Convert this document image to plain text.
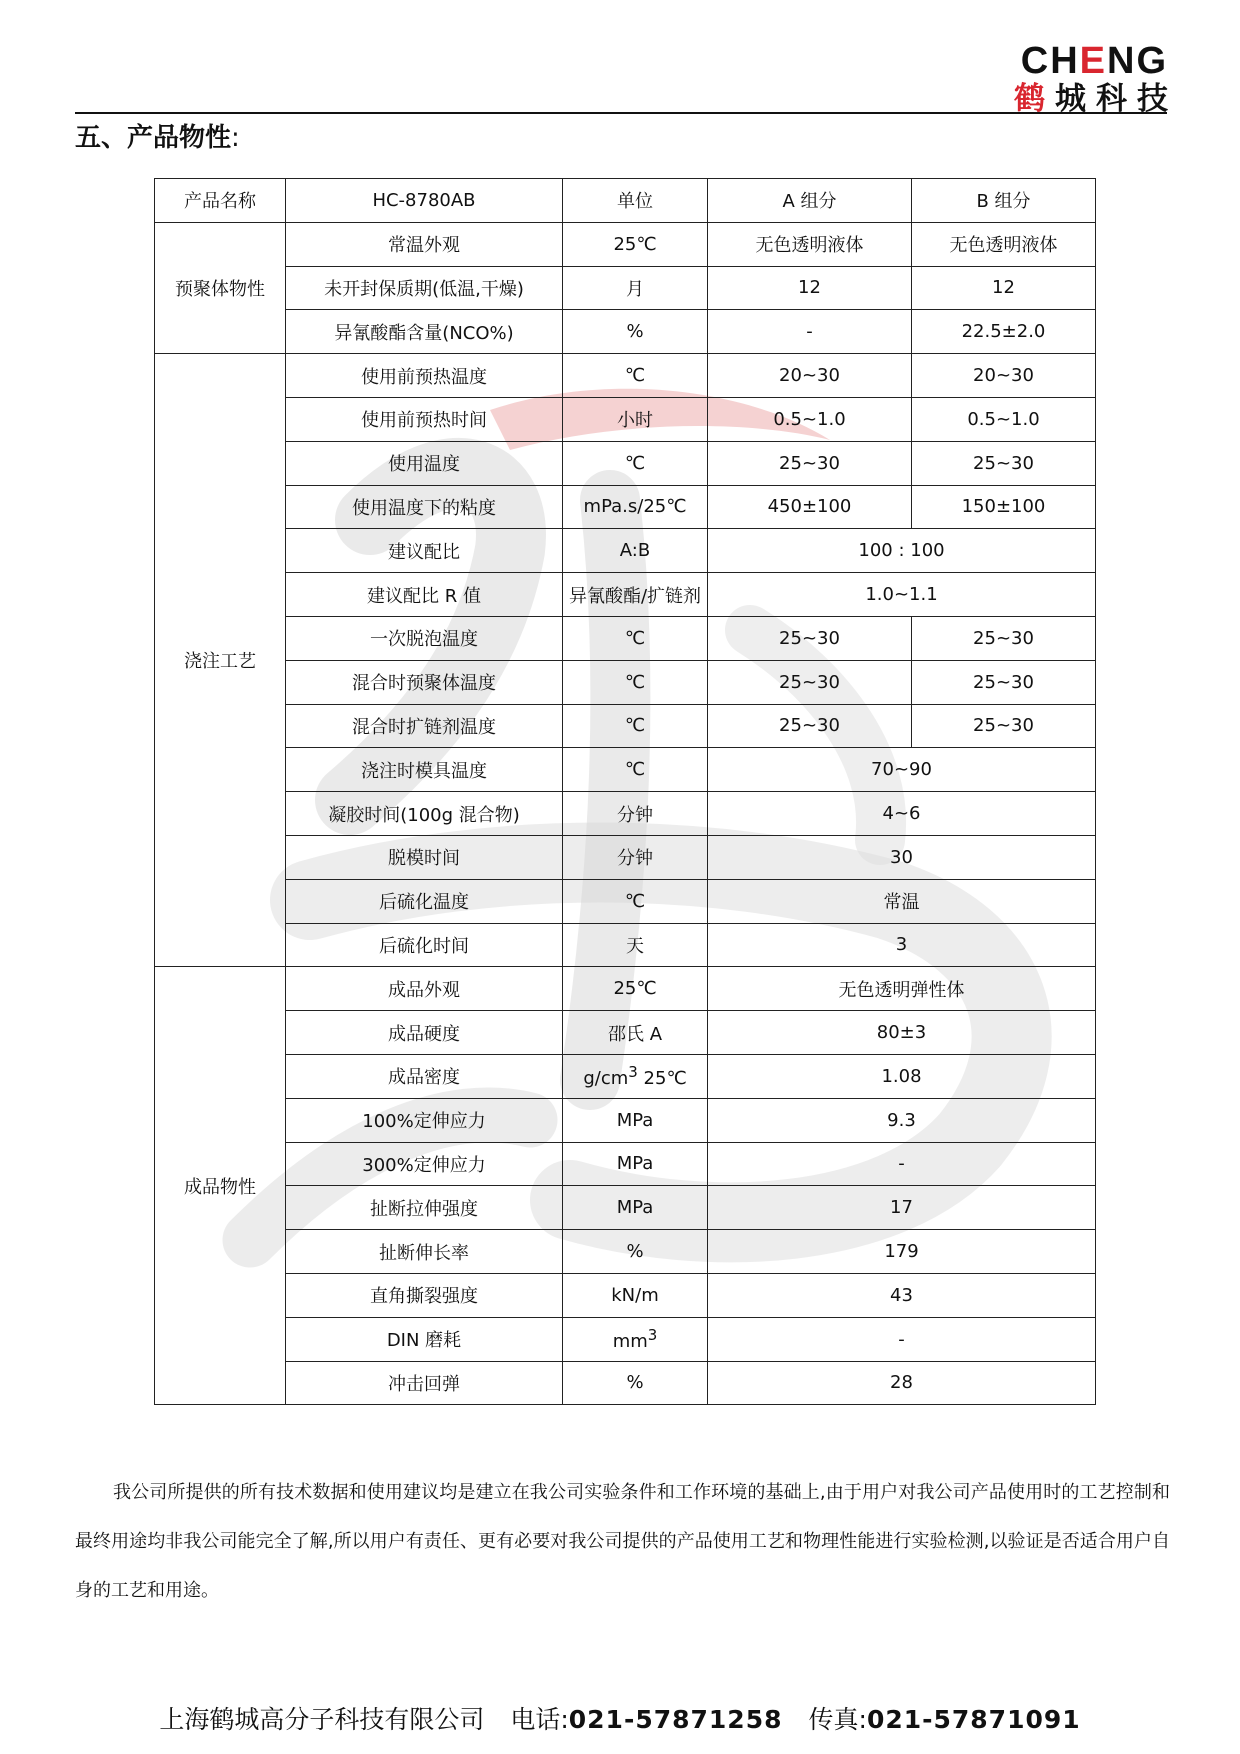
CHENG
鹤城科技
五、产品物性:
产品名称	HC-8780AB	单位	A 组分	B 组分
预聚体物性	常温外观	25℃	无色透明液体	无色透明液体
	未开封保质期(低温,干燥)	月	12	12
	异氰酸酯含量(NCO%)	%	-	22.5±2.0
浇注工艺	使用前预热温度	℃	20~30	20~30
	使用前预热时间	小时	0.5~1.0	0.5~1.0
	使用温度	℃	25~30	25~30
	使用温度下的粘度	mPa.s/25℃	450±100	150±100
	建议配比	A:B	100 : 100	
	建议配比 R 值	异氰酸酯/扩链剂	1.0~1.1	
	一次脱泡温度	℃	25~30	25~30
	混合时预聚体温度	℃	25~30	25~30
	混合时扩链剂温度	℃	25~30	25~30
	浇注时模具温度	℃	70~90	
	凝胶时间(100g 混合物)	分钟	4~6	
	脱模时间	分钟	30	
	后硫化温度	℃	常温	
	后硫化时间	天	3	
成品物性	成品外观	25℃	无色透明弹性体	
	成品硬度	邵氏 A	80±3	
	成品密度	$g/cm^3$ 25℃	1.08	
	100%定伸应力	MPa	9.3	
	300%定伸应力	MPa	-	
	扯断拉伸强度	MPa	17	
	扯断伸长率	%	179	
	直角撕裂强度	kN/m	43	
	DIN 磨耗	$mm^3$	-	
	冲击回弹	%	28	

我公司所提供的所有技术数据和使用建议均是建立在我公司实验条件和工作环境的基础上,由于用户对我公司产品使用时的工艺控制和最终用途均非我公司能完全了解,所以用户有责任、更有必要对我公司提供的产品使用工艺和物理性能进行实验检测,以验证是否适合用户自身的工艺和用途。

上海鹤城高分子科技有限公司 电话:021-57871258 传真:021-57871091
